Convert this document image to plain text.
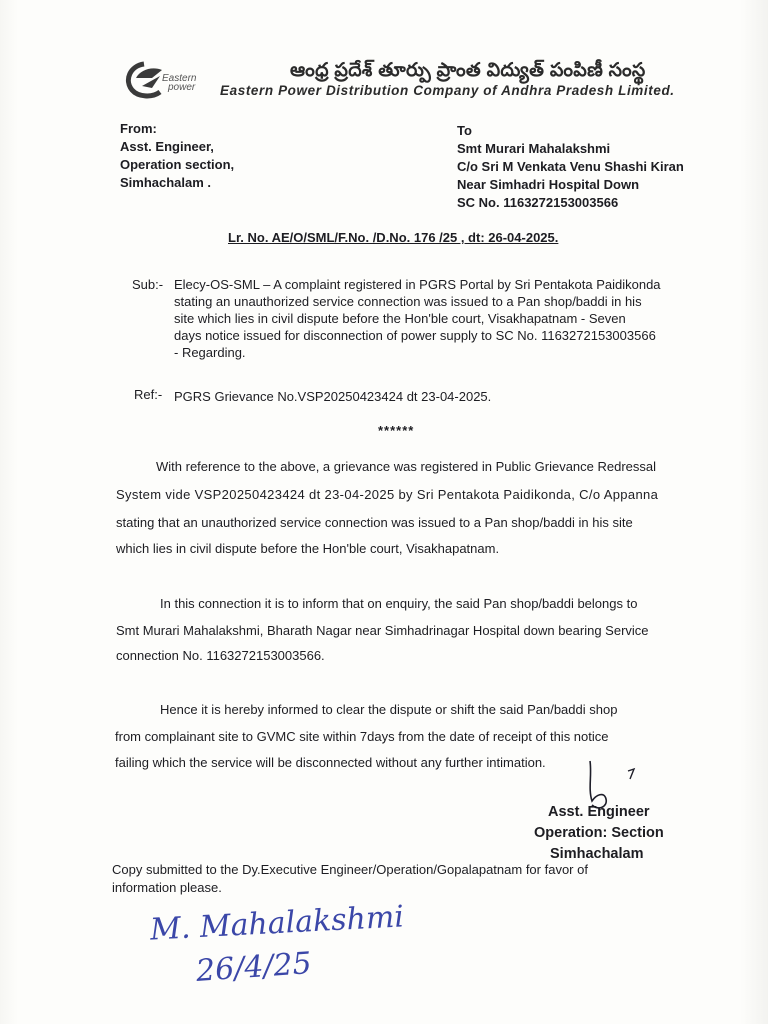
Eastern
power
ఆంధ్ర ప్రదేశ్ తూర్పు ప్రాంత విద్యుత్ పంపిణీ సంస్థ
Eastern Power Distribution Company of Andhra Pradesh Limited.
From:
Asst. Engineer,
Operation section,
Simhachalam .
To
Smt Murari Mahalakshmi
C/o Sri M Venkata Venu Shashi Kiran
Near Simhadri Hospital Down
SC No. 1163272153003566
Lr. No. AE/O/SML/F.No. /D.No. 176 /25 , dt: 26-04-2025.
Sub:- Elecy-OS-SML – A complaint registered in PGRS Portal by Sri Pentakota Paidikonda
stating an unauthorized service connection was issued to a Pan shop/baddi in his
site which lies in civil dispute before the Hon'ble court, Visakhapatnam - Seven
days notice issued for disconnection of power supply to SC No. 1163272153003566
- Regarding.
Ref:- PGRS Grievance No.VSP20250423424 dt 23-04-2025.
******
With reference to the above, a grievance was registered in Public Grievance Redressal
System vide VSP20250423424 dt 23-04-2025 by Sri Pentakota Paidikonda, C/o Appanna
stating that an unauthorized service connection was issued to a Pan shop/baddi in his site
which lies in civil dispute before the Hon'ble court, Visakhapatnam.
In this connection it is to inform that on enquiry, the said Pan shop/baddi belongs to
Smt Murari Mahalakshmi, Bharath Nagar near Simhadrinagar Hospital down bearing Service
connection No. 1163272153003566.
Hence it is hereby informed to clear the dispute or shift the said Pan/baddi shop
from complainant site to GVMC site within 7days from the date of receipt of this notice
failing which the service will be disconnected without any further intimation.
Asst. Engineer
Operation: Section
Simhachalam
Copy submitted to the Dy.Executive Engineer/Operation/Gopalapatnam for favor of
information please.
M. Mahalakshmi
26/4/25
